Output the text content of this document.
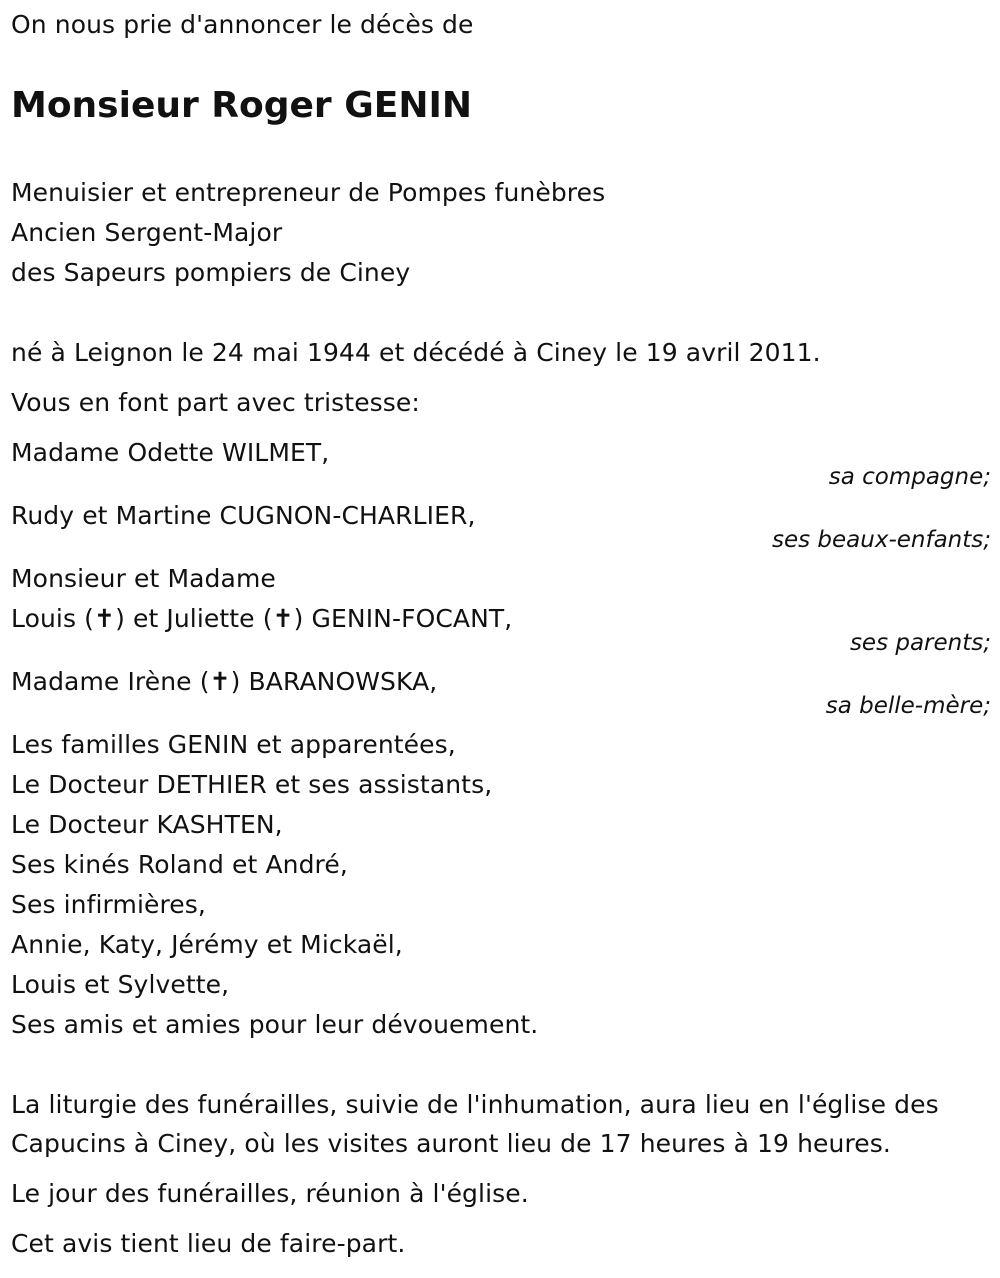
On nous prie d'annoncer le décès de
Monsieur Roger GENIN
Menuisier et entrepreneur de Pompes funèbres
Ancien Sergent-Major
des Sapeurs pompiers de Ciney
né à Leignon le 24 mai 1944 et décédé à Ciney le 19 avril 2011.
Vous en font part avec tristesse:
Madame Odette WILMET,
sa compagne;
Rudy et Martine CUGNON-CHARLIER,
ses beaux-enfants;
Monsieur et Madame
Louis (✝) et Juliette (✝) GENIN-FOCANT,
ses parents;
Madame Irène (✝) BARANOWSKA,
sa belle-mère;
Les familles GENIN et apparentées,
Le Docteur DETHIER et ses assistants,
Le Docteur KASHTEN,
Ses kinés Roland et André,
Ses infirmières,
Annie, Katy, Jérémy et Mickaël,
Louis et Sylvette,
Ses amis et amies pour leur dévouement.
La liturgie des funérailles, suivie de l'inhumation, aura lieu en l'église des
Capucins à Ciney, où les visites auront lieu de 17 heures à 19 heures.
Le jour des funérailles, réunion à l'église.
Cet avis tient lieu de faire-part.
